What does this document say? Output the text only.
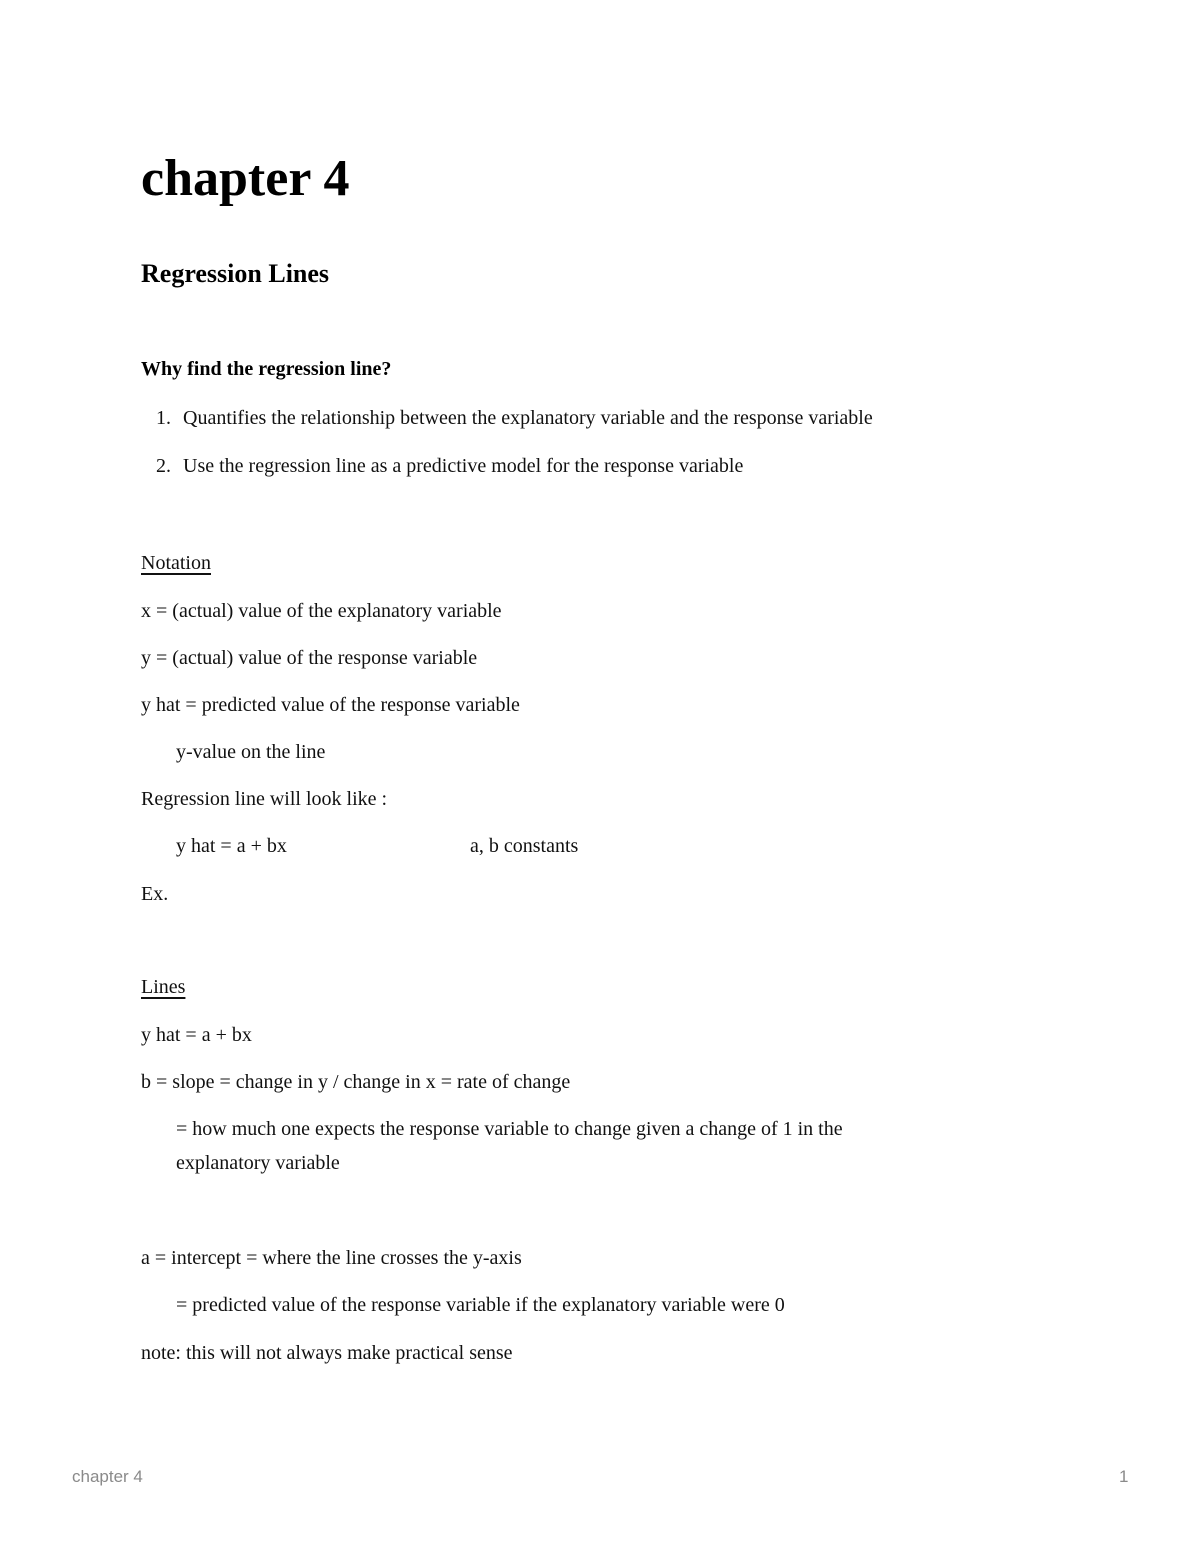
chapter 4
Regression Lines
Why find the regression line?
1. Quantifies the relationship between the explanatory variable and the response variable
2. Use the regression line as a predictive model for the response variable
Notation
x = (actual) value of the explanatory variable
y = (actual) value of the response variable
y hat = predicted value of the response variable
y-value on the line
Regression line will look like :
y hat = a + bx	a, b constants
Ex.
Lines
y hat = a + bx
b = slope = change in y / change in x = rate of change
= how much one expects the response variable to change given a change of 1 in the
explanatory variable
a = intercept = where the line crosses the y-axis
= predicted value of the response variable if the explanatory variable were 0
note: this will not always make practical sense
chapter 4	1
